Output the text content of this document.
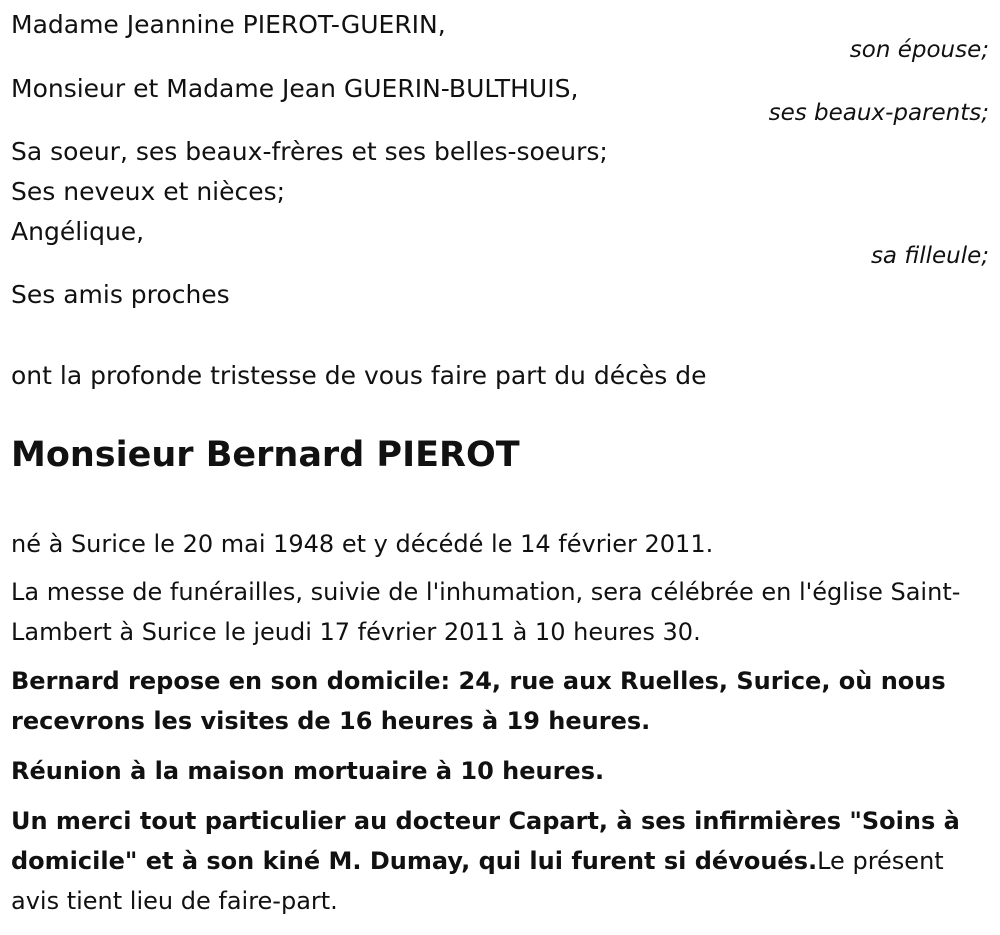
Madame Jeannine PIEROT-GUERIN,

son épouse;

Monsieur et Madame Jean GUERIN-BULTHUIS,

ses beaux-parents;

Sa soeur, ses beaux-frères et ses belles-soeurs;

Ses neveux et nièces;

Angélique,

sa filleule;

Ses amis proches

ont la profonde tristesse de vous faire part du décès de

Monsieur Bernard PIEROT

né à Surice le 20 mai 1948 et y décédé le 14 février 2011.

La messe de funérailles, suivie de l'inhumation, sera célébrée en l'église Saint-Lambert à Surice le jeudi 17 février 2011 à 10 heures 30.

Bernard repose en son domicile: 24, rue aux Ruelles, Surice, où nous recevrons les visites de 16 heures à 19 heures.

Réunion à la maison mortuaire à 10 heures.

Un merci tout particulier au docteur Capart, à ses infirmières "Soins à domicile" et à son kiné M. Dumay, qui lui furent si dévoués.Le présent avis tient lieu de faire-part.
